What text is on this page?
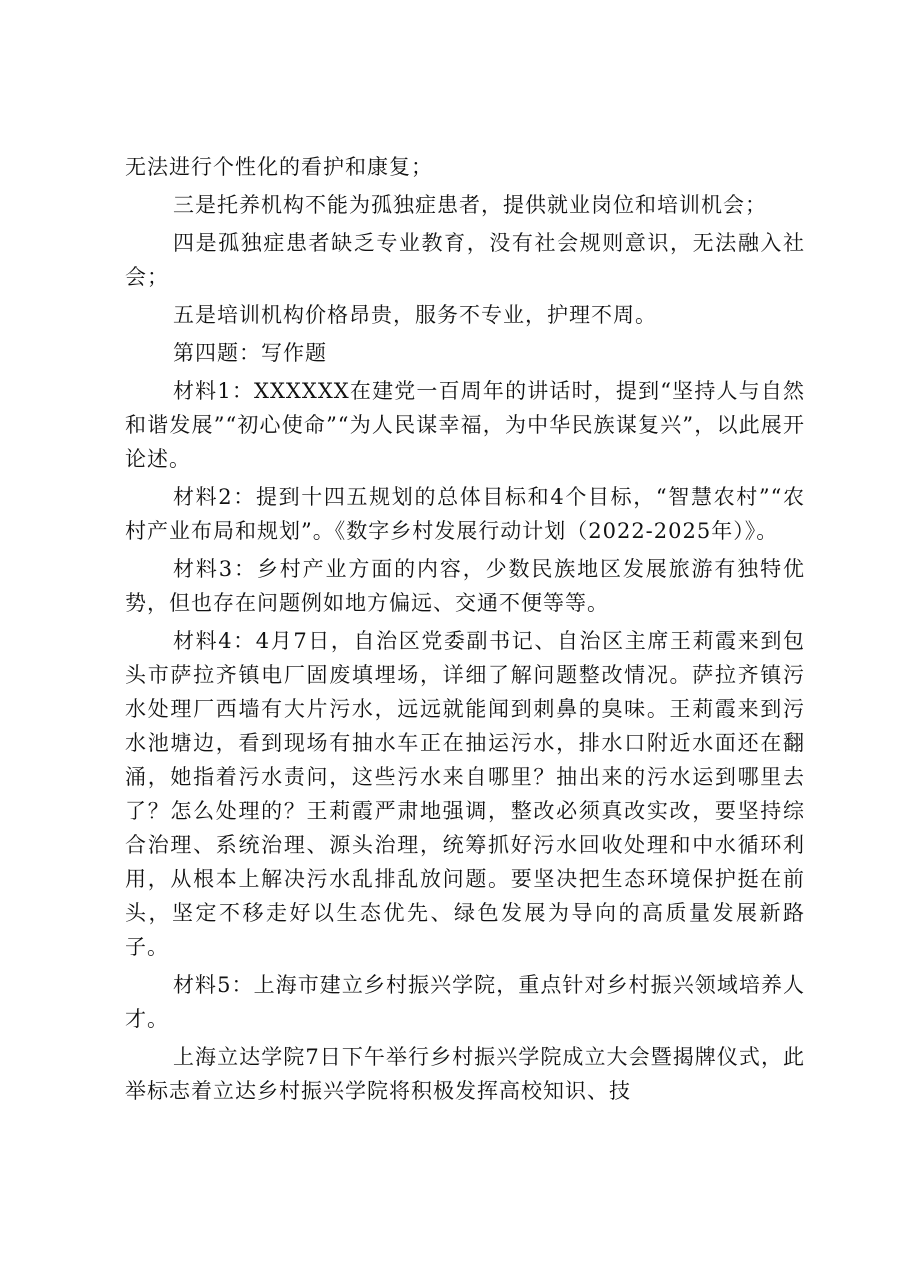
无法进行个性化的看护和康复；

三是托养机构不能为孤独症患者，提供就业岗位和培训机会；

四是孤独症患者缺乏专业教育，没有社会规则意识，无法融入社会；

五是培训机构价格昂贵，服务不专业，护理不周。

第四题：写作题

材料1：XXXXXX在建党一百周年的讲话时，提到“坚持人与自然和谐发展”“初心使命”“为人民谋幸福，为中华民族谋复兴”，以此展开论述。

材料2：提到十四五规划的总体目标和4个目标，“智慧农村”“农村产业布局和规划”。《数字乡村发展行动计划（2022-2025年）》。

材料3：乡村产业方面的内容，少数民族地区发展旅游有独特优势，但也存在问题例如地方偏远、交通不便等等。

材料4：4月7日，自治区党委副书记、自治区主席王莉霞来到包头市萨拉齐镇电厂固废填埋场，详细了解问题整改情况。萨拉齐镇污水处理厂西墙有大片污水，远远就能闻到刺鼻的臭味。王莉霞来到污水池塘边，看到现场有抽水车正在抽运污水，排水口附近水面还在翻涌，她指着污水责问，这些污水来自哪里？抽出来的污水运到哪里去了？怎么处理的？王莉霞严肃地强调，整改必须真改实改，要坚持综合治理、系统治理、源头治理，统筹抓好污水回收处理和中水循环利用，从根本上解决污水乱排乱放问题。要坚决把生态环境保护挺在前头，坚定不移走好以生态优先、绿色发展为导向的高质量发展新路子。

材料5：上海市建立乡村振兴学院，重点针对乡村振兴领域培养人才。

上海立达学院7日下午举行乡村振兴学院成立大会暨揭牌仪式，此举标志着立达乡村振兴学院将积极发挥高校知识、技
